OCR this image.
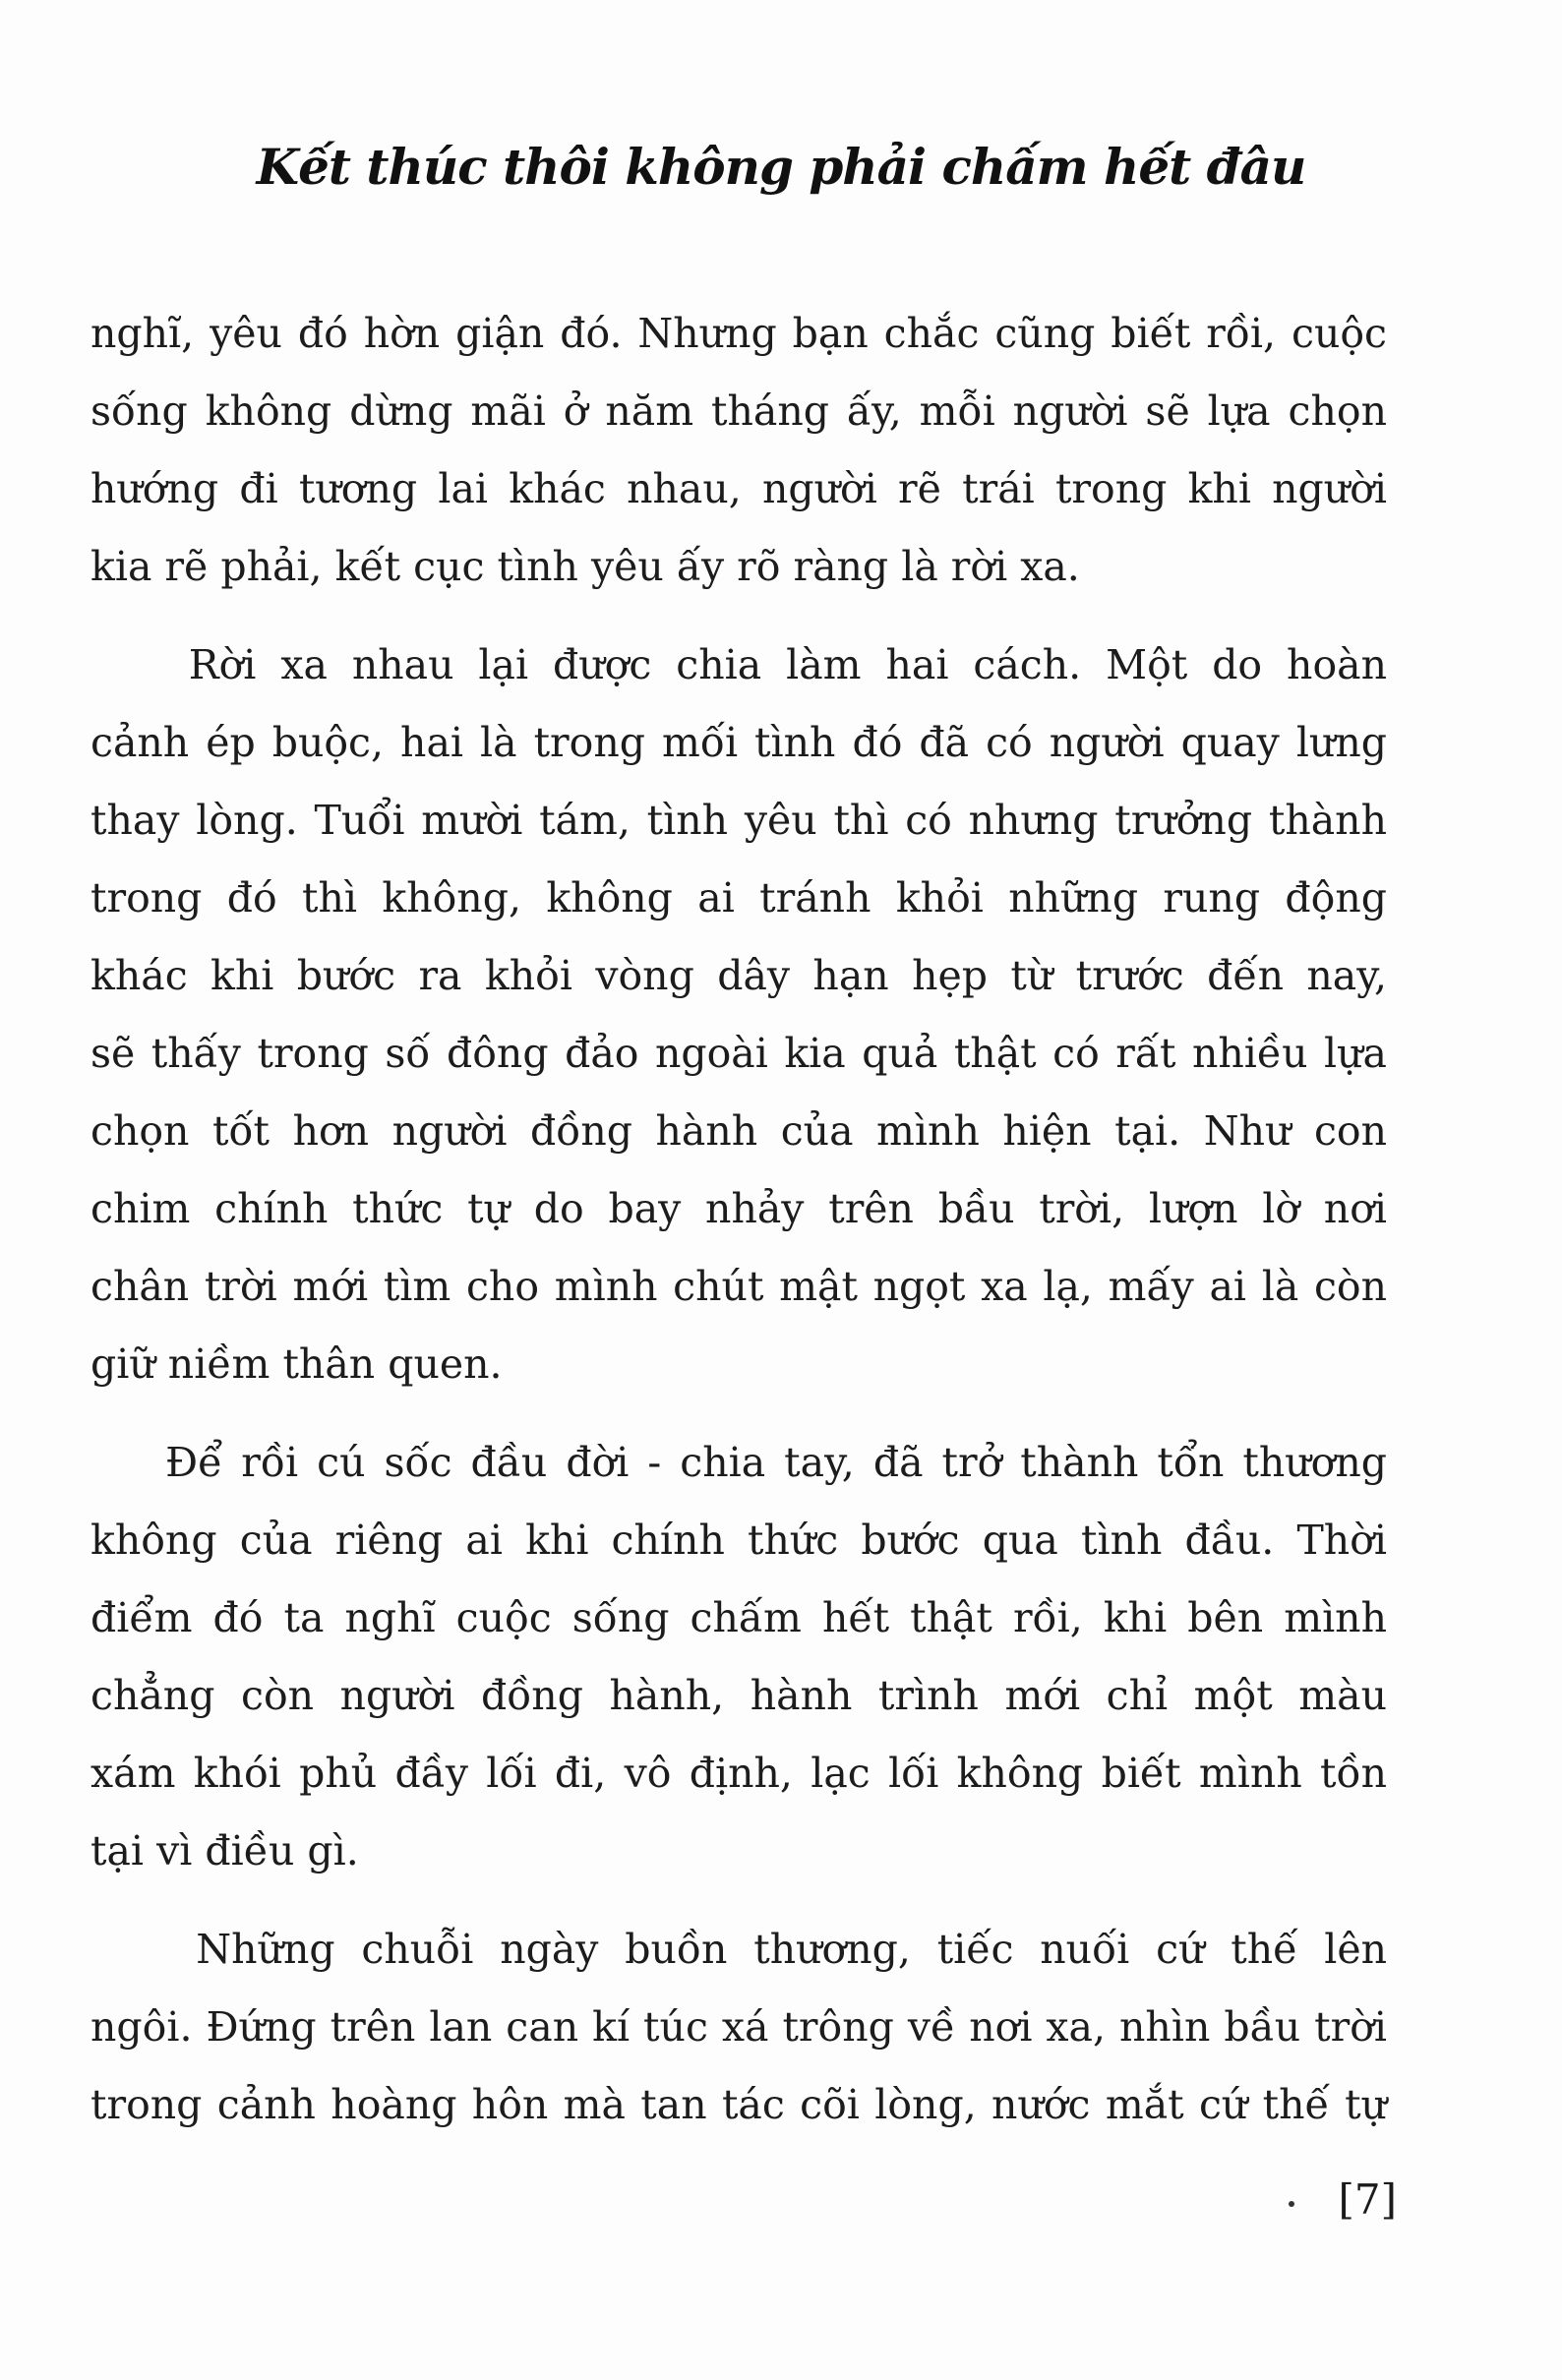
Kết thúc thôi không phải chấm hết đâu
nghĩ, yêu đó hờn giận đó. Nhưng bạn chắc cũng biết rồi, cuộc
sống không dừng mãi ở năm tháng ấy, mỗi người sẽ lựa chọn
hướng đi tương lai khác nhau, người rẽ trái trong khi người
kia rẽ phải, kết cục tình yêu ấy rõ ràng là rời xa.
Rời xa nhau lại được chia làm hai cách. Một do hoàn
cảnh ép buộc, hai là trong mối tình đó đã có người quay lưng
thay lòng. Tuổi mười tám, tình yêu thì có nhưng trưởng thành
trong đó thì không, không ai tránh khỏi những rung động
khác khi bước ra khỏi vòng dây hạn hẹp từ trước đến nay,
sẽ thấy trong số đông đảo ngoài kia quả thật có rất nhiều lựa
chọn tốt hơn người đồng hành của mình hiện tại. Như con
chim chính thức tự do bay nhảy trên bầu trời, lượn lờ nơi
chân trời mới tìm cho mình chút mật ngọt xa lạ, mấy ai là còn
giữ niềm thân quen.
Để rồi cú sốc đầu đời - chia tay, đã trở thành tổn thương
không của riêng ai khi chính thức bước qua tình đầu. Thời
điểm đó ta nghĩ cuộc sống chấm hết thật rồi, khi bên mình
chẳng còn người đồng hành, hành trình mới chỉ một màu
xám khói phủ đầy lối đi, vô định, lạc lối không biết mình tồn
tại vì điều gì.
Những chuỗi ngày buồn thương, tiếc nuối cứ thế lên
ngôi. Đứng trên lan can kí túc xá trông về nơi xa, nhìn bầu trời
trong cảnh hoàng hôn mà tan tác cõi lòng, nước mắt cứ thế tự
[7]
